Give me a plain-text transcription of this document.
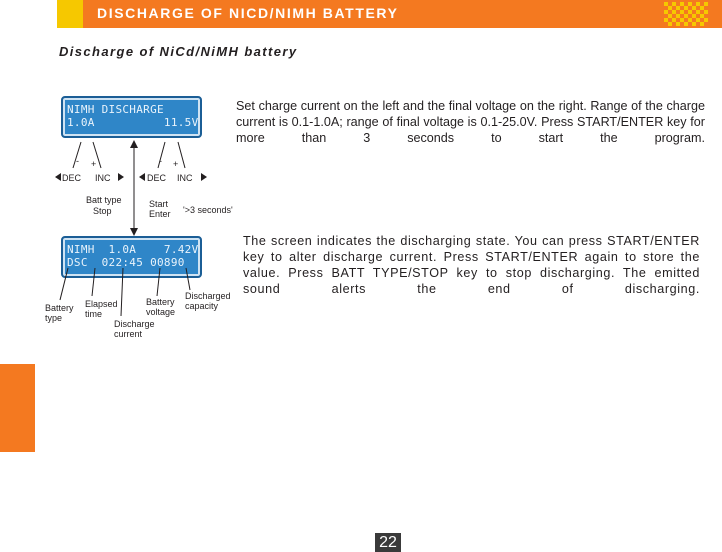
DISCHARGE OF NICD/NIMH BATTERY
Discharge of NiCd/NiMH battery
NIMH DISCHARGE
1.0A          11.5V
NIMH  1.0A    7.42V
DSC  022:45 00890
- +
DEC INC
- +
DEC INC
Batt type
Stop
Start
Enter '>3 seconds'
Battery
type
Elapsed
time
Battery
voltage
Discharged
capacity
Discharge
current
Set charge current on the left and the final voltage on the right. Range of the charge current is 0.1-1.0A; range of final voltage is 0.1-25.0V. Press START/ENTER key for more than 3 seconds to start the program.
The screen indicates the discharging state. You can press START/ENTER key to alter discharge current. Press START/ENTER again to store the value. Press BATT TYPE/STOP key to stop discharging. The emitted sound alerts the end of discharging.
22
